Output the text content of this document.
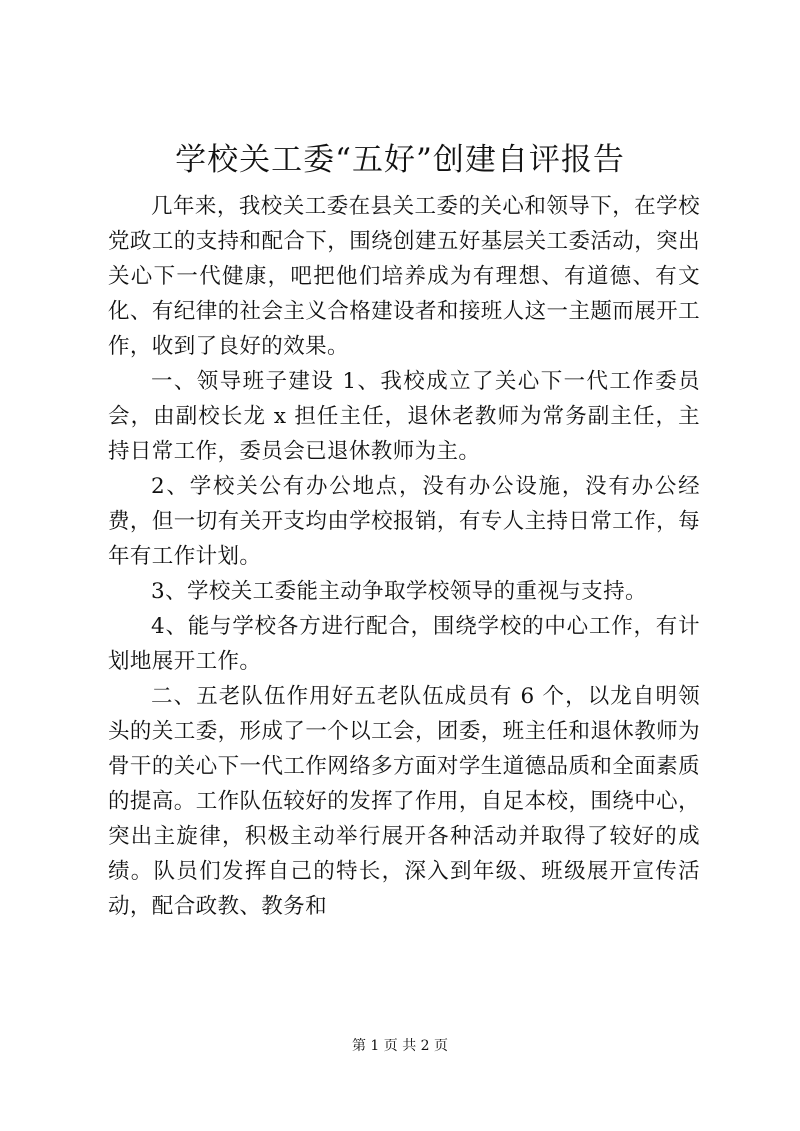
学校关工委“五好”创建自评报告

几年来，我校关工委在县关工委的关心和领导下，在学校党政工的支持和配合下，围绕创建五好基层关工委活动，突出关心下一代健康，吧把他们培养成为有理想、有道德、有文化、有纪律的社会主义合格建设者和接班人这一主题而展开工作，收到了良好的效果。

一、领导班子建设 1、我校成立了关心下一代工作委员会，由副校长龙 x 担任主任，退休老教师为常务副主任，主持日常工作，委员会已退休教师为主。

2、学校关公有办公地点，没有办公设施，没有办公经费，但一切有关开支均由学校报销，有专人主持日常工作，每年有工作计划。

3、学校关工委能主动争取学校领导的重视与支持。

4、能与学校各方进行配合，围绕学校的中心工作，有计划地展开工作。

二、五老队伍作用好五老队伍成员有 6 个，以龙自明领头的关工委，形成了一个以工会，团委，班主任和退休教师为骨干的关心下一代工作网络多方面对学生道德品质和全面素质的提高。工作队伍较好的发挥了作用，自足本校，围绕中心，突出主旋律，积极主动举行展开各种活动并取得了较好的成绩。队员们发挥自己的特长，深入到年级、班级展开宣传活动，配合政教、教务和

第 1 页 共 2 页
